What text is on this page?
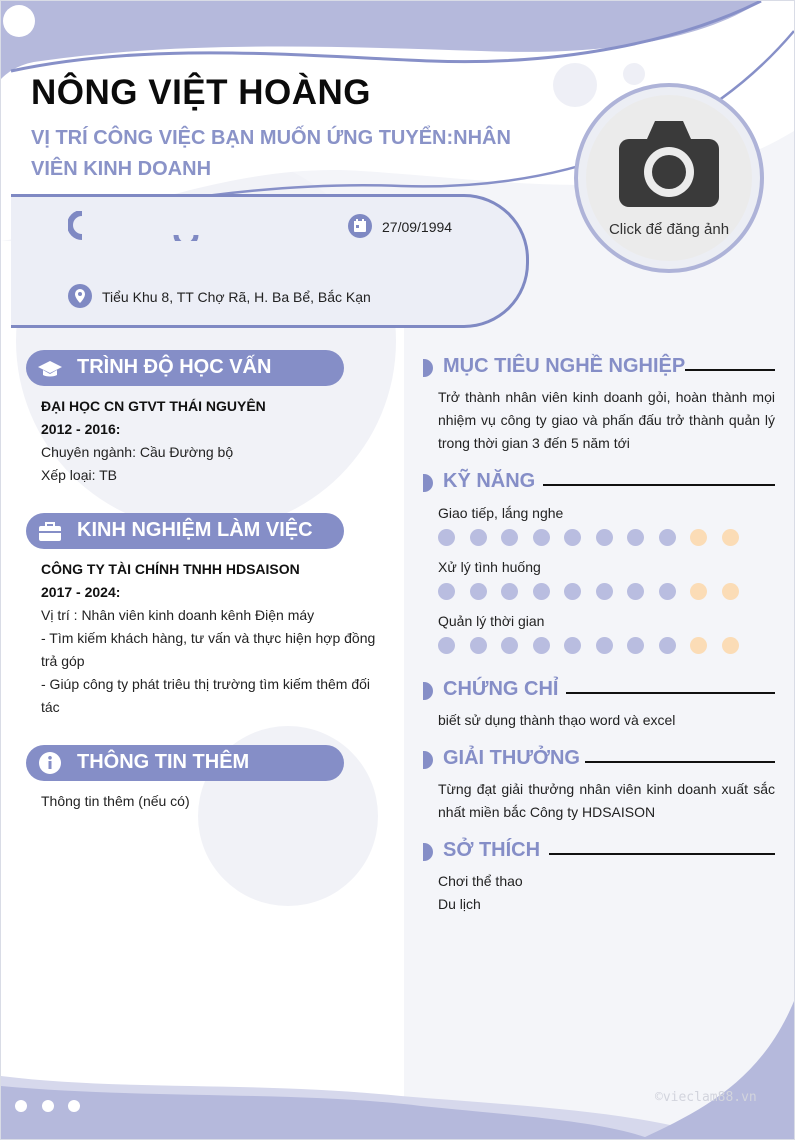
NÔNG VIỆT HOÀNG
VỊ TRÍ CÔNG VIỆC BẠN MUỐN ỨNG TUYỂN:NHÂN VIÊN KINH DOANH
Click để đăng ảnh
27/09/1994
Tiểu Khu 8, TT Chợ Rã, H. Ba Bể, Bắc Kạn
TRÌNH ĐỘ HỌC VẤN
ĐẠI HỌC CN GTVT THÁI NGUYÊN
2012 - 2016:
Chuyên ngành: Cầu Đường bộ
Xếp loại: TB
KINH NGHIỆM LÀM VIỆC
CÔNG TY TÀI CHÍNH TNHH HDSAISON
2017 - 2024:
Vị trí : Nhân viên kinh doanh kênh Điện máy
- Tìm kiếm khách hàng, tư vấn và thực hiện hợp đồng trả góp
- Giúp công ty phát triêu thị trường tìm kiếm thêm đối tác
THÔNG TIN THÊM
Thông tin thêm (nếu có)
MỤC TIÊU NGHỀ NGHIỆP
Trở thành nhân viên kinh doanh gỏi, hoàn thành mọi nhiệm vụ công ty giao và phấn đấu trở thành quản lý trong thời gian 3 đến 5 năm tới
KỸ NĂNG
Giao tiếp, lắng nghe
Xử lý tình huống
Quản lý thời gian
CHỨNG CHỈ
biết sử dụng thành thạo word và excel
GIẢI THƯỞNG
Từng đạt giải thưởng nhân viên kinh doanh xuất sắc nhất miền bắc Công ty HDSAISON
SỞ THÍCH
Chơi thể thao
Du lịch
©vieclam88.vn
